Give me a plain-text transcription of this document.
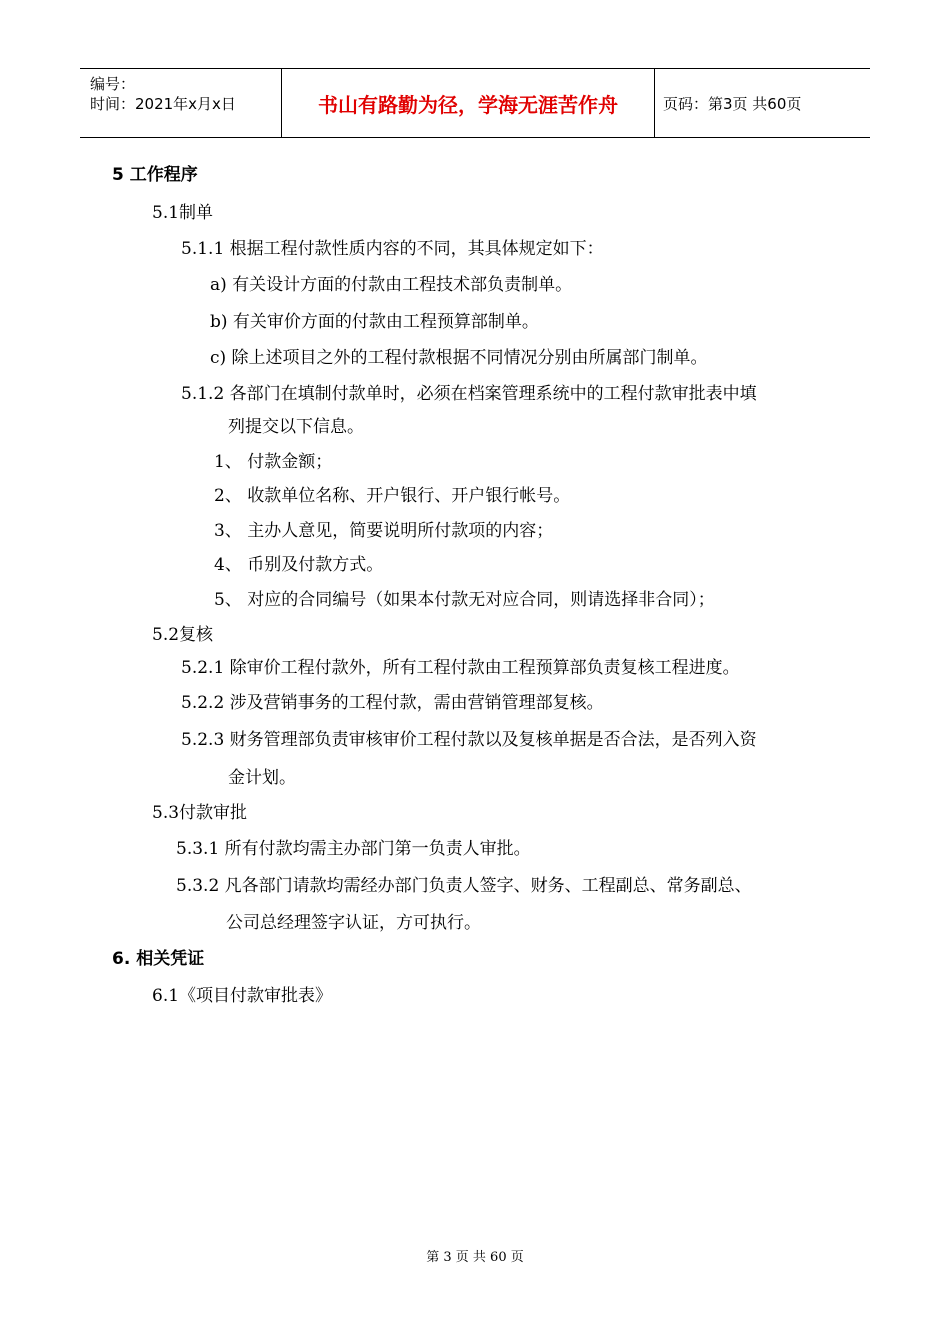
编号：
时间：2021年x月x日	书山有路勤为径，学海无涯苦作舟	页码：第3页 共60页
5 工作程序
5.1制单
5.1.1 根据工程付款性质内容的不同，其具体规定如下：
a) 有关设计方面的付款由工程技术部负责制单。
b) 有关审价方面的付款由工程预算部制单。
c) 除上述项目之外的工程付款根据不同情况分别由所属部门制单。
5.1.2 各部门在填制付款单时，必须在档案管理系统中的工程付款审批表中填
列提交以下信息。
1、 付款金额；
2、 收款单位名称、开户银行、开户银行帐号。
3、 主办人意见，简要说明所付款项的内容；
4、 币别及付款方式。
5、 对应的合同编号（如果本付款无对应合同，则请选择非合同）；
5.2复核
5.2.1 除审价工程付款外，所有工程付款由工程预算部负责复核工程进度。
5.2.2 涉及营销事务的工程付款，需由营销管理部复核。
5.2.3 财务管理部负责审核审价工程付款以及复核单据是否合法，是否列入资
金计划。
5.3付款审批
5.3.1 所有付款均需主办部门第一负责人审批。
5.3.2 凡各部门请款均需经办部门负责人签字、财务、工程副总、常务副总、
公司总经理签字认证，方可执行。
6. 相关凭证
6.1《项目付款审批表》
第 3 页 共 60 页
